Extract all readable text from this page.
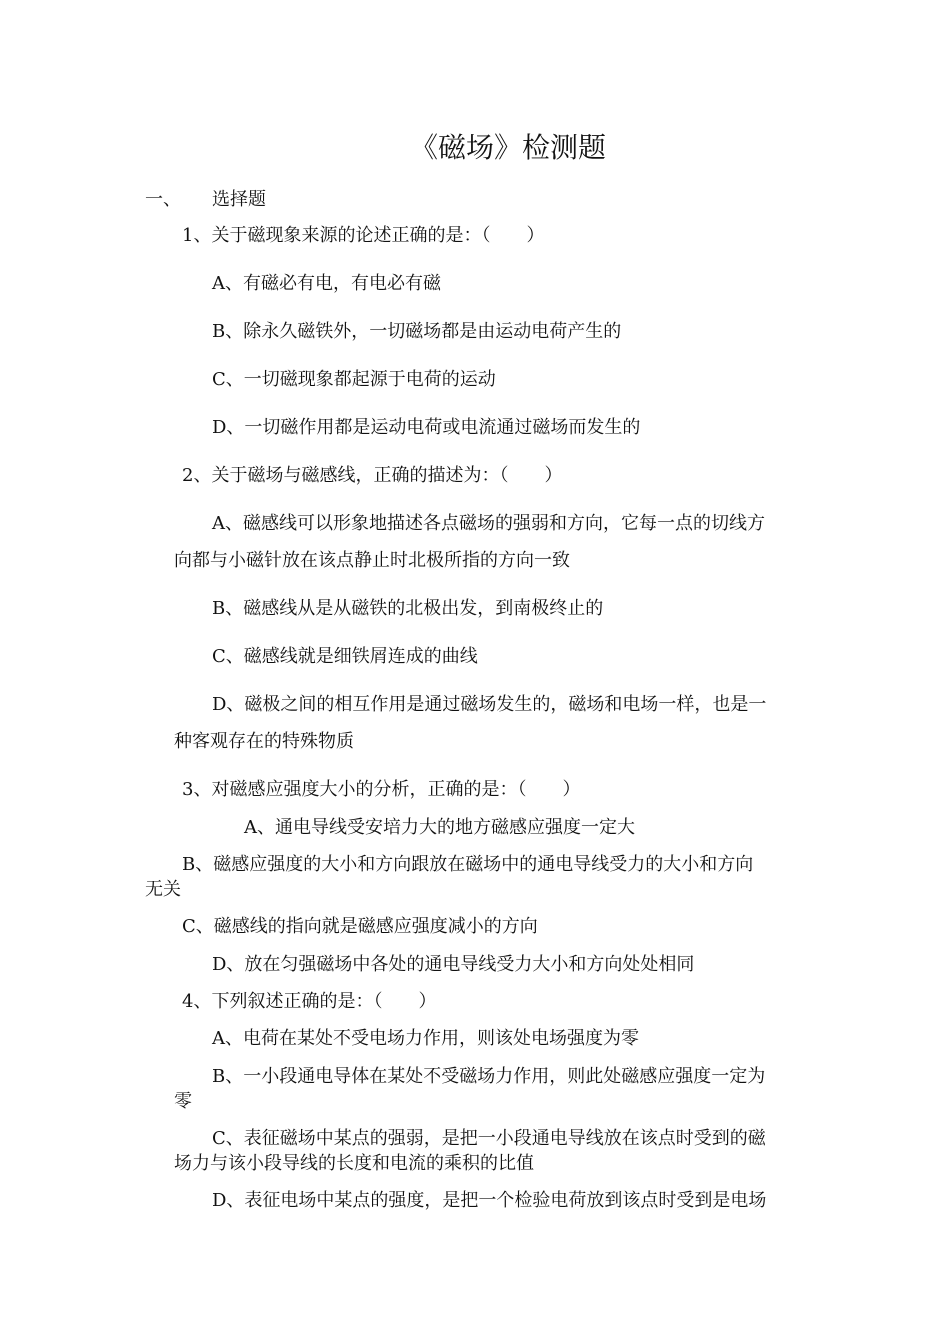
《磁场》检测题
一、 选择题
1、关于磁现象来源的论述正确的是：（　　）
A、有磁必有电，有电必有磁
B、除永久磁铁外，一切磁场都是由运动电荷产生的
C、一切磁现象都起源于电荷的运动
D、一切磁作用都是运动电荷或电流通过磁场而发生的
2、关于磁场与磁感线，正确的描述为：（　　）
A、磁感线可以形象地描述各点磁场的强弱和方向，它每一点的切线方
向都与小磁针放在该点静止时北极所指的方向一致
B、磁感线从是从磁铁的北极出发，到南极终止的
C、磁感线就是细铁屑连成的曲线
D、磁极之间的相互作用是通过磁场发生的，磁场和电场一样，也是一
种客观存在的特殊物质
3、对磁感应强度大小的分析，正确的是：（　　）
A、通电导线受安培力大的地方磁感应强度一定大
B、磁感应强度的大小和方向跟放在磁场中的通电导线受力的大小和方向
无关
C、磁感线的指向就是磁感应强度减小的方向
D、放在匀强磁场中各处的通电导线受力大小和方向处处相同
4、下列叙述正确的是：（　　）
A、电荷在某处不受电场力作用，则该处电场强度为零
B、一小段通电导体在某处不受磁场力作用，则此处磁感应强度一定为
零
C、表征磁场中某点的强弱，是把一小段通电导线放在该点时受到的磁
场力与该小段导线的长度和电流的乘积的比值
D、表征电场中某点的强度，是把一个检验电荷放到该点时受到是电场
